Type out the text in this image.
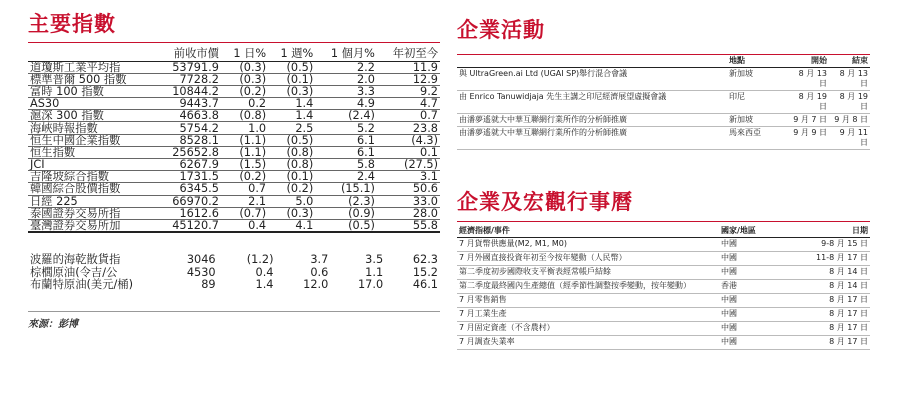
主要指數
	前收市價	1 日%	1 週%	1 個月%	年初至今
道瓊斯工業平均指	53791.9	(0.3)	(0.5)	2.2	11.9
標準普爾 500 指數	7728.2	(0.3)	(0.1)	2.0	12.9
富時 100 指數	10844.2	(0.2)	(0.3)	3.3	9.2
AS30	9443.7	0.2	1.4	4.9	4.7
滬深 300 指數	4663.8	(0.8)	1.4	(2.4)	0.7
海峽時報指數	5754.2	1.0	2.5	5.2	23.8
恒生中國企業指數	8528.1	(1.1)	(0.5)	6.1	(4.3)
恒生指數	25652.8	(1.1)	(0.8)	6.1	0.1
JCI	6267.9	(1.5)	(0.8)	5.8	(27.5)
吉隆坡綜合指數	1731.5	(0.2)	(0.1)	2.4	3.1
韓國綜合股價指數	6345.5	0.7	(0.2)	(15.1)	50.6
日經 225	66970.2	2.1	5.0	(2.3)	33.0
泰國證券交易所指	1612.6	(0.7)	(0.3)	(0.9)	28.0
臺灣證券交易所加	45120.7	0.4	4.1	(0.5)	55.8
波羅的海乾散貨指	3046	(1.2)	3.7	3.5	62.3
棕櫚原油(令吉/公	4530	0.4	0.6	1.1	15.2
布蘭特原油(美元/桶)	89	1.4	12.0	17.0	46.1
來源：彭博
企業活動
	地點	開始	結束
與 UltraGreen.ai Ltd (UGAI SP)舉行混合會議	新加坡	8 月 13 日	8 月 13 日
由 Enrico Tanuwidjaja 先生主講之印尼經濟展望虛擬會議	印尼	8 月 19 日	8 月 19 日
由潘夢遙就大中華互聯網行業所作的分析師推廣	新加坡	9 月 7 日	9 月 8 日
由潘夢遙就大中華互聯網行業所作的分析師推廣	馬來西亞	9 月 9 日	9 月 11 日
企業及宏觀行事曆
經濟指標/事件	國家/地區	日期
7 月貨幣供應量(M2, M1, M0)	中國	9-8 月 15 日
7 月外國直接投資年初至今按年變動（人民幣）	中國	11-8 月 17 日
第二季度初步國際收支平衡表經常帳戶結餘	中國	8 月 14 日
第二季度最終國內生產總值（經季節性調整按季變動，按年變動）	香港	8 月 14 日
7 月零售銷售	中國	8 月 17 日
7 月工業生產	中國	8 月 17 日
7 月固定資產（不含農村）	中國	8 月 17 日
7 月調查失業率	中國	8 月 17 日
